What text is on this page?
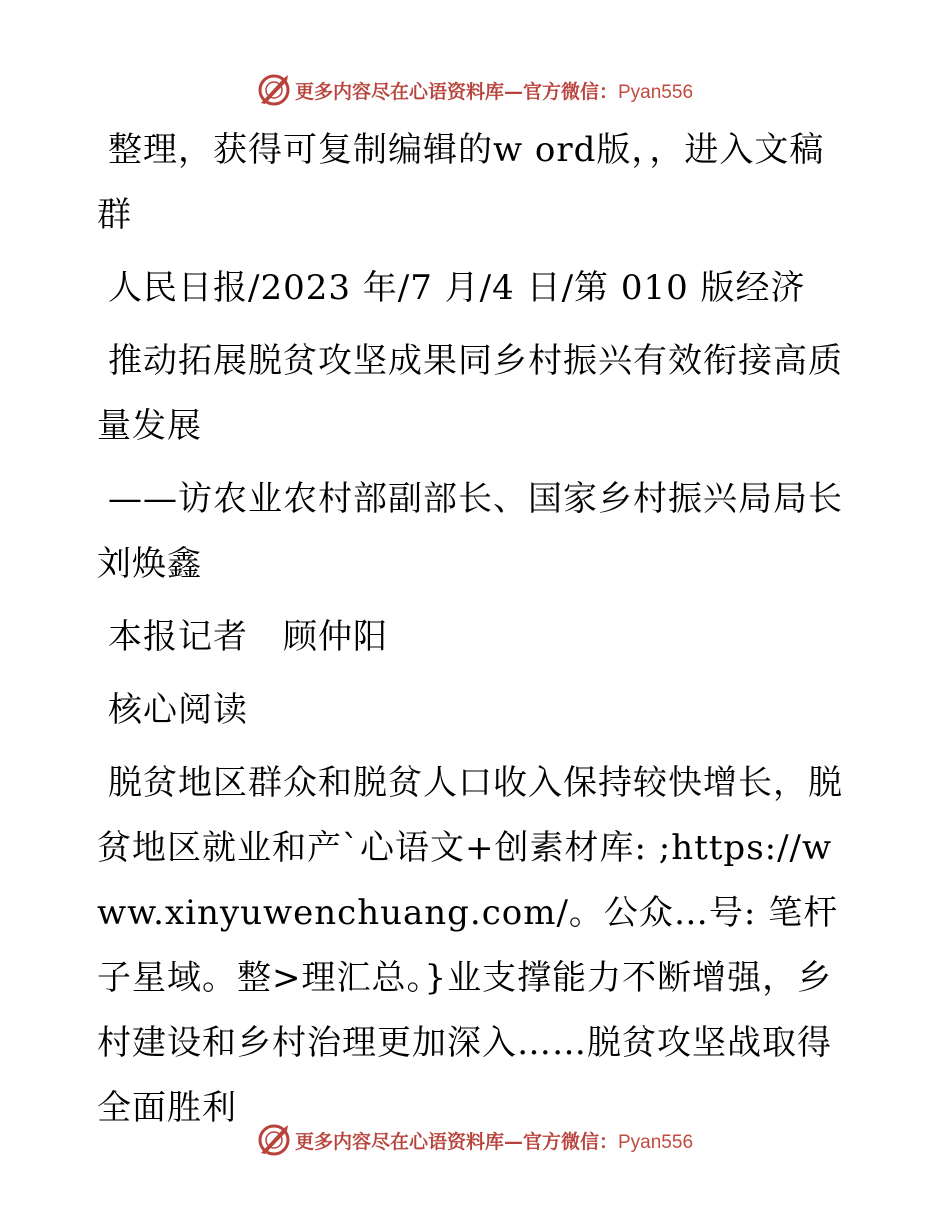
更多内容尽在心语资料库—官方微信：Pyan556

整理，获得可复制编辑的w ord版，，进入文稿群

人民日报/2023 年/7 月/4 日/第 010 版经济

推动拓展脱贫攻坚成果同乡村振兴有效衔接高质量发展

——访农业农村部副部长、国家乡村振兴局局长刘焕鑫

本报记者　顾仲阳

核心阅读

脱贫地区群众和脱贫人口收入保持较快增长，脱贫地区就业和产`心语文+创素材库: ;https://www.xinyuwenchuang.com/。公众…号: 笔杆子星域。整>理汇总。}业支撑能力不断增强，乡村建设和乡村治理更加深入……脱贫攻坚战取得全面胜利

更多内容尽在心语资料库—官方微信：Pyan556
